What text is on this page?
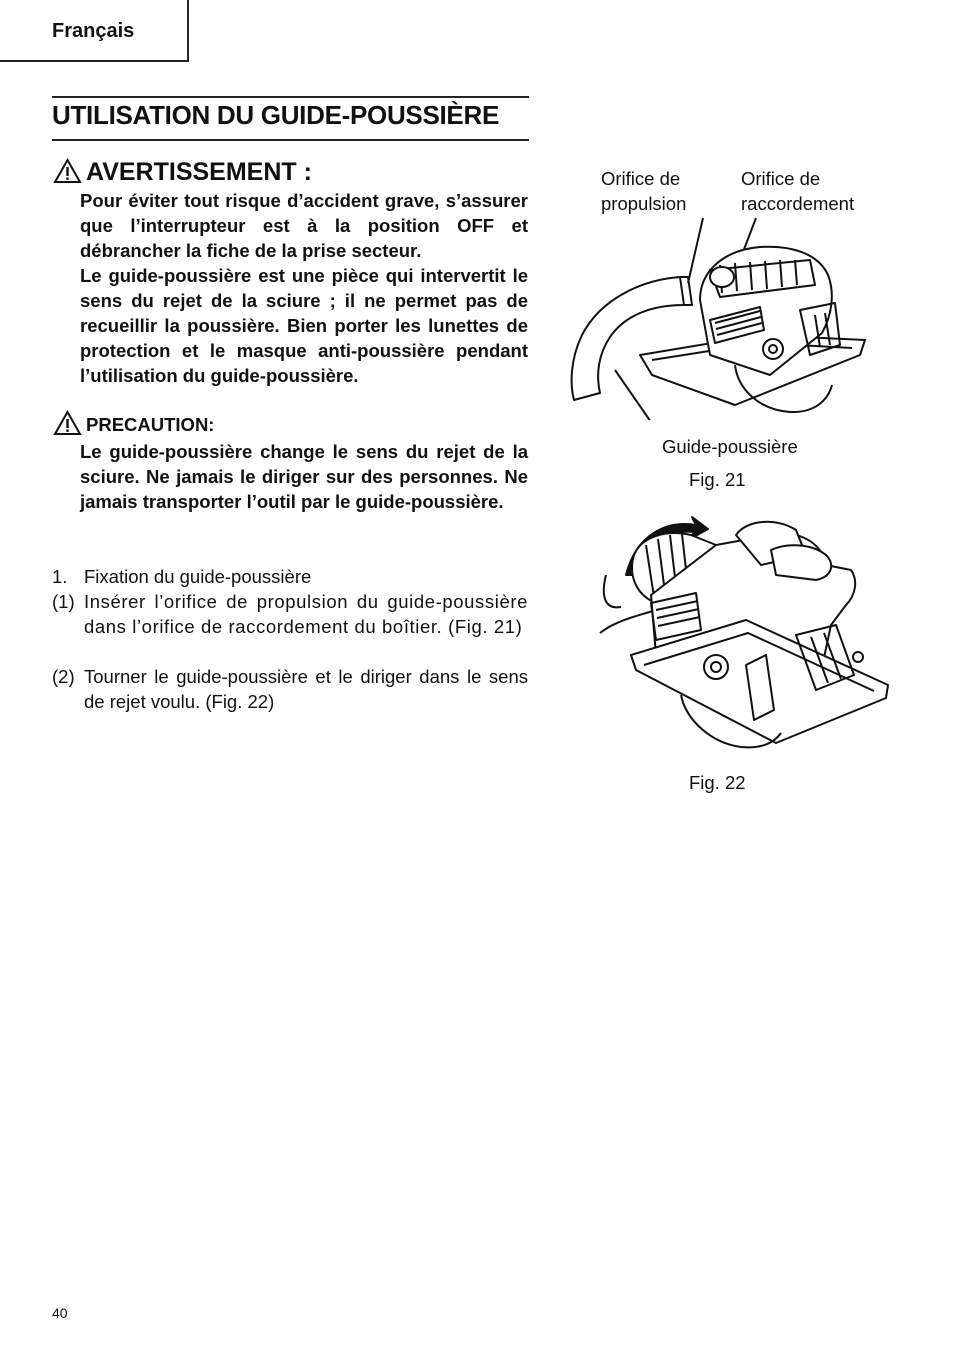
Français
UTILISATION DU GUIDE-POUSSIÈRE
AVERTISSEMENT :

Pour éviter tout risque d’accident grave, s’assurer que l’interrupteur est à la position OFF et débrancher la fiche de la prise secteur.

Le guide-poussière est une pièce qui intervertit le sens du rejet de la sciure ; il ne permet pas de recueillir la poussière. Bien porter les lunettes de protection et le masque anti-poussière pendant l’utilisation du guide-poussière.

PRECAUTION:

Le guide-poussière change le sens du rejet de la sciure. Ne jamais le diriger sur des personnes. Ne jamais transporter l’outil par le guide-poussière.

1. Fixation du guide-poussière
(1) Insérer l’orifice de propulsion du guide-poussière dans l’orifice de raccordement du boîtier. (Fig. 21)

(2) Tourner le guide-poussière et le diriger dans le sens de rejet voulu. (Fig. 22)

Orifice de
propulsion
Orifice de
raccordement
Guide-poussière
Fig. 21
Fig. 22
40
